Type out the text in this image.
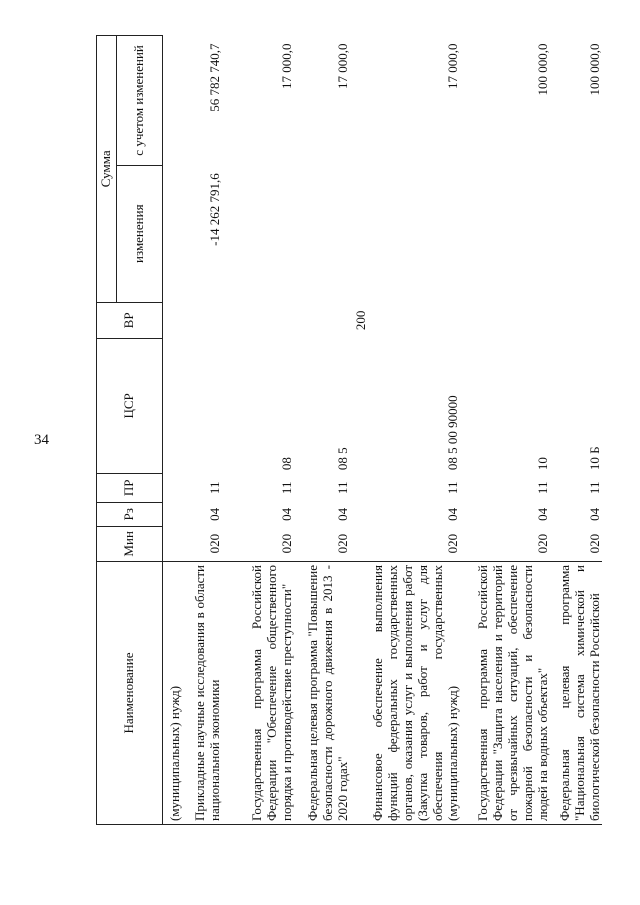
34
Наименование	Мин	Рз	ПР	ЦСР	ВР	Сумма	
						изменения	с учетом изменений
(муниципальных) нужд)							
Прикладные научные исследования в области национальной экономики	020	04	11			-14 262 791,6	56 782 740,7
Государственная программа Российской Федерации "Обеспечение общественного порядка и противодействие преступности"	020	04	11	08			17 000,0
Федеральная целевая программа "Повышение безопасности дорожного движения в 2013 - 2020 годах"	020	04	11	08 5			17 000,0
Финансовое обеспечение выполнения функций федеральных государственных органов, оказания услуг и выполнения работ (Закупка товаров, работ и услуг для обеспечения государственных (муниципальных) нужд)	020	04	11	08 5 00 90000	200		17 000,0
Государственная программа Российской Федерации "Защита населения и территорий от чрезвычайных ситуаций, обеспечение пожарной безопасности и безопасности людей на водных объектах"	020	04	11	10			100 000,0
Федеральная целевая программа "Национальная система химической и биологической безопасности Российской	020	04	11	10 Б			100 000,0
